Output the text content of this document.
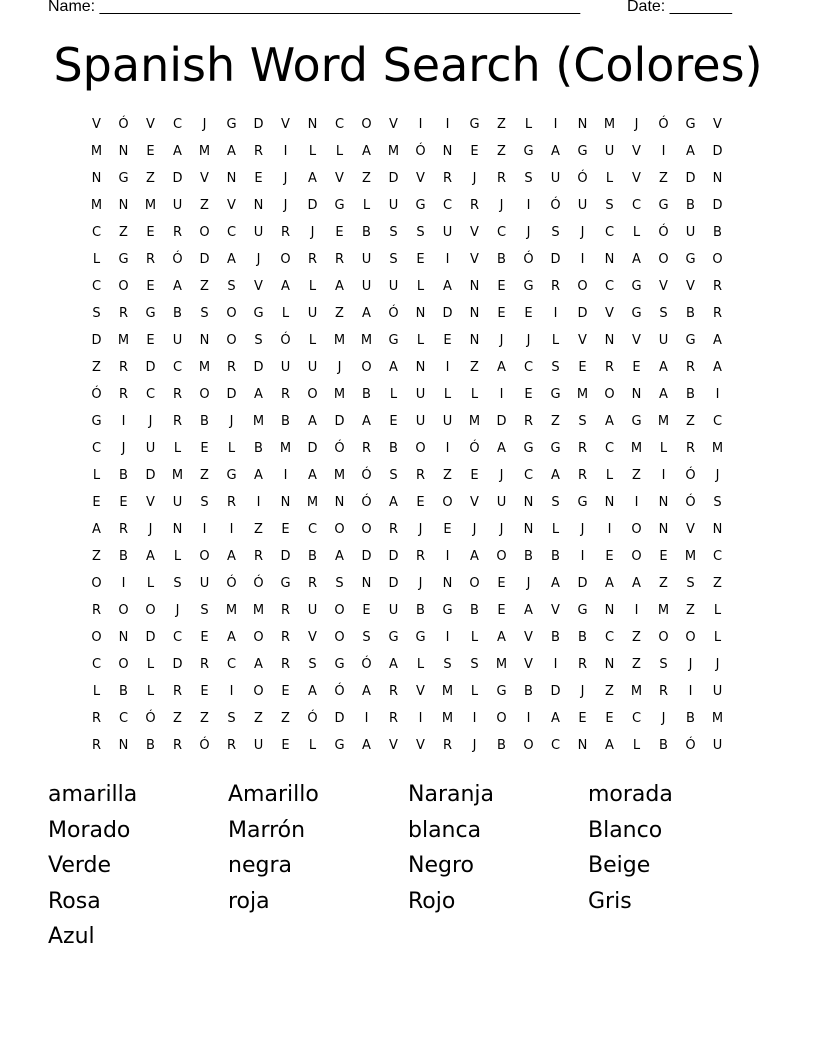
Name: ______________________________________________________	Date: _______
Spanish Word Search (Colores)
V	Ó	V	C	J	G	D	V	N	C	O	V	I	I	G	Z	L	I	N	M	J	Ó	G	V
M	N	E	A	M	A	R	I	L	L	A	M	Ó	N	E	Z	G	A	G	U	V	I	A	D
N	G	Z	D	V	N	E	J	A	V	Z	D	V	R	J	R	S	U	Ó	L	V	Z	D	N
M	N	M	U	Z	V	N	J	D	G	L	U	G	C	R	J	I	Ó	U	S	C	G	B	D
C	Z	E	R	O	C	U	R	J	E	B	S	S	U	V	C	J	S	J	C	L	Ó	U	B
L	G	R	Ó	D	A	J	O	R	R	U	S	E	I	V	B	Ó	D	I	N	A	O	G	O
C	O	E	A	Z	S	V	A	L	A	U	U	L	A	N	E	G	R	O	C	G	V	V	R
S	R	G	B	S	O	G	L	U	Z	A	Ó	N	D	N	E	E	I	D	V	G	S	B	R
D	M	E	U	N	O	S	Ó	L	M	M	G	L	E	N	J	J	L	V	N	V	U	G	A
Z	R	D	C	M	R	D	U	U	J	O	A	N	I	Z	A	C	S	E	R	E	A	R	A
Ó	R	C	R	O	D	A	R	O	M	B	L	U	L	L	I	E	G	M	O	N	A	B	I
G	I	J	R	B	J	M	B	A	D	A	E	U	U	M	D	R	Z	S	A	G	M	Z	C
C	J	U	L	E	L	B	M	D	Ó	R	B	O	I	Ó	A	G	G	R	C	M	L	R	M
L	B	D	M	Z	G	A	I	A	M	Ó	S	R	Z	E	J	C	A	R	L	Z	I	Ó	J
E	E	V	U	S	R	I	N	M	N	Ó	A	E	O	V	U	N	S	G	N	I	N	Ó	S
A	R	J	N	I	I	Z	E	C	O	O	R	J	E	J	J	N	L	J	I	O	N	V	N
Z	B	A	L	O	A	R	D	B	A	D	D	R	I	A	O	B	B	I	E	O	E	M	C
O	I	L	S	U	Ó	Ó	G	R	S	N	D	J	N	O	E	J	A	D	A	A	Z	S	Z
R	O	O	J	S	M	M	R	U	O	E	U	B	G	B	E	A	V	G	N	I	M	Z	L
O	N	D	C	E	A	O	R	V	O	S	G	G	I	L	A	V	B	B	C	Z	O	O	L
C	O	L	D	R	C	A	R	S	G	Ó	A	L	S	S	M	V	I	R	N	Z	S	J	J
L	B	L	R	E	I	O	E	A	Ó	A	R	V	M	L	G	B	D	J	Z	M	R	I	U
R	C	Ó	Z	Z	S	Z	Z	Ó	D	I	R	I	M	I	O	I	A	E	E	C	J	B	M
R	N	B	R	Ó	R	U	E	L	G	A	V	V	R	J	B	O	C	N	A	L	B	Ó	U
amarilla	Amarillo	Naranja	morada
Morado	Marrón	blanca	Blanco
Verde	negra	Negro	Beige
Rosa	roja	Rojo	Gris
Azul
